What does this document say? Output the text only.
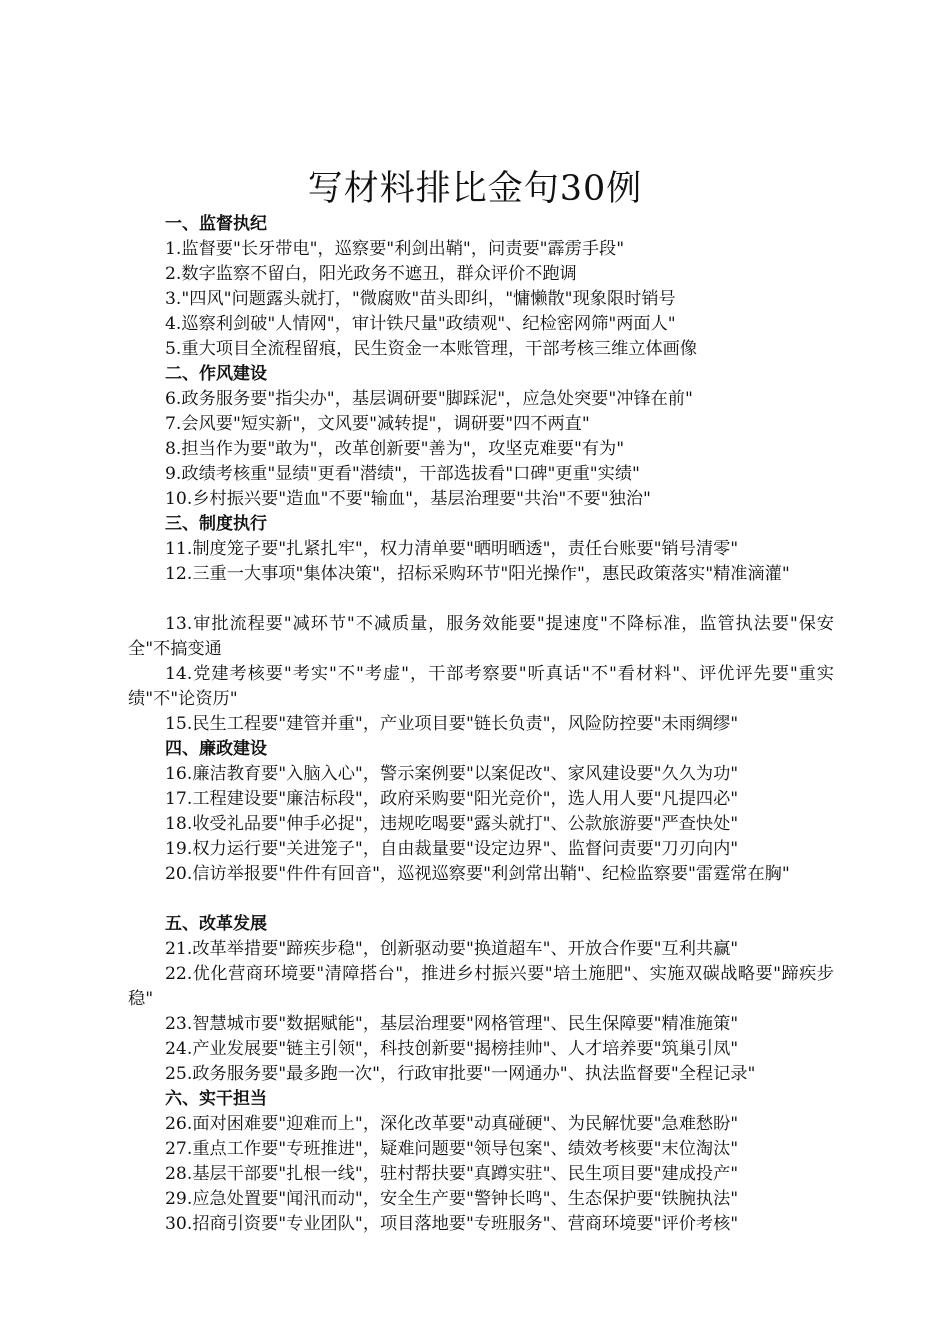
写材料排比金句30例
一、监督执纪
1.监督要"长牙带电"，巡察要"利剑出鞘"，问责要"霹雳手段"
2.数字监察不留白，阳光政务不遮丑，群众评价不跑调
3."四风"问题露头就打，"微腐败"苗头即纠，"慵懒散"现象限时销号
4.巡察利剑破"人情网"，审计铁尺量"政绩观"、纪检密网筛"两面人"
5.重大项目全流程留痕，民生资金一本账管理，干部考核三维立体画像
二、作风建设
6.政务服务要"指尖办"，基层调研要"脚踩泥"，应急处突要"冲锋在前"
7.会风要"短实新"，文风要"减转提"，调研要"四不两直"
8.担当作为要"敢为"，改革创新要"善为"，攻坚克难要"有为"
9.政绩考核重"显绩"更看"潜绩"，干部选拔看"口碑"更重"实绩"
10.乡村振兴要"造血"不要"输血"，基层治理要"共治"不要"独治"
三、制度执行
11.制度笼子要"扎紧扎牢"，权力清单要"晒明晒透"，责任台账要"销号清零"
12.三重一大事项"集体决策"，招标采购环节"阳光操作"，惠民政策落实"精准滴灌"
13.审批流程要"减环节"不减质量，服务效能要"提速度"不降标准，监管执法要"保安全"不搞变通
14.党建考核要"考实"不"考虚"，干部考察要"听真话"不"看材料"、评优评先要"重实绩"不"论资历"
15.民生工程要"建管并重"，产业项目要"链长负责"，风险防控要"未雨绸缪"
四、廉政建设
16.廉洁教育要"入脑入心"，警示案例要"以案促改"、家风建设要"久久为功"
17.工程建设要"廉洁标段"，政府采购要"阳光竞价"，选人用人要"凡提四必"
18.收受礼品要"伸手必捉"，违规吃喝要"露头就打"、公款旅游要"严查快处"
19.权力运行要"关进笼子"，自由裁量要"设定边界"、监督问责要"刀刃向内"
20.信访举报要"件件有回音"，巡视巡察要"利剑常出鞘"、纪检监察要"雷霆常在胸"
五、改革发展
21.改革举措要"蹄疾步稳"，创新驱动要"换道超车"、开放合作要"互利共赢"
22.优化营商环境要"清障搭台"，推进乡村振兴要"培土施肥"、实施双碳战略要"蹄疾步稳"
23.智慧城市要"数据赋能"，基层治理要"网格管理"、民生保障要"精准施策"
24.产业发展要"链主引领"，科技创新要"揭榜挂帅"、人才培养要"筑巢引凤"
25.政务服务要"最多跑一次"，行政审批要"一网通办"、执法监督要"全程记录"
六、实干担当
26.面对困难要"迎难而上"，深化改革要"动真碰硬"、为民解忧要"急难愁盼"
27.重点工作要"专班推进"，疑难问题要"领导包案"、绩效考核要"末位淘汰"
28.基层干部要"扎根一线"，驻村帮扶要"真蹲实驻"、民生项目要"建成投产"
29.应急处置要"闻汛而动"，安全生产要"警钟长鸣"、生态保护要"铁腕执法"
30.招商引资要"专业团队"，项目落地要"专班服务"、营商环境要"评价考核"
